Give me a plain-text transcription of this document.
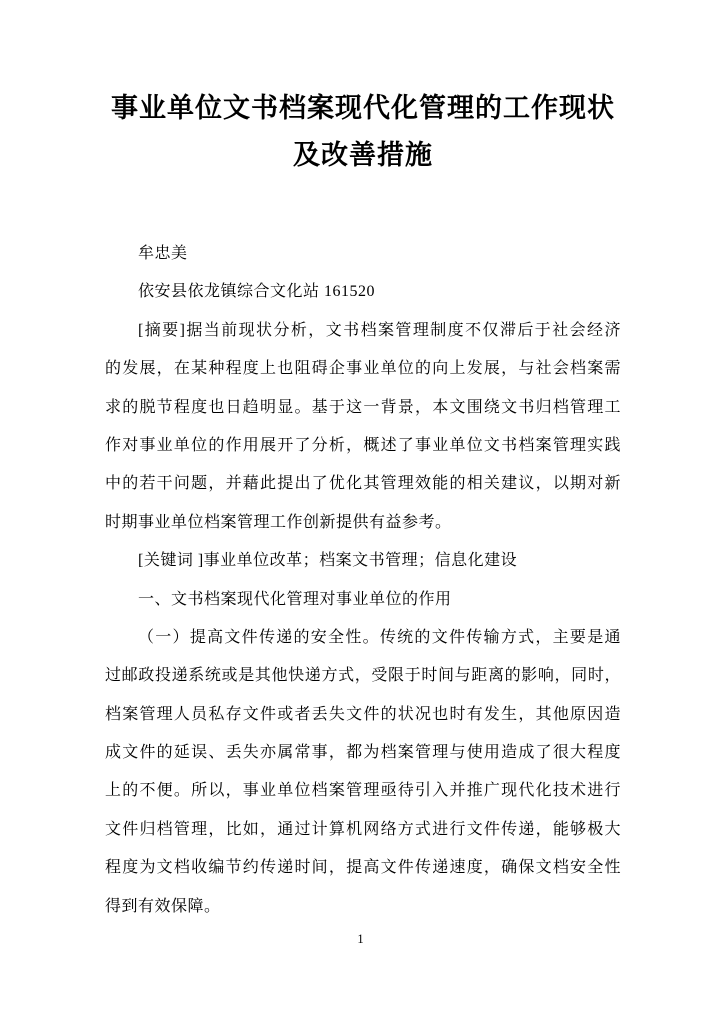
事业单位文书档案现代化管理的工作现状
及改善措施
牟忠美
依安县依龙镇综合文化站 161520
[摘要]据当前现状分析，文书档案管理制度不仅滞后于社会经济
的发展，在某种程度上也阻碍企事业单位的向上发展，与社会档案需
求的脱节程度也日趋明显。基于这一背景，本文围绕文书归档管理工
作对事业单位的作用展开了分析，概述了事业单位文书档案管理实践
中的若干问题，并藉此提出了优化其管理效能的相关建议，以期对新
时期事业单位档案管理工作创新提供有益参考。
[关键词 ]事业单位改革；档案文书管理；信息化建设
一、文书档案现代化管理对事业单位的作用
（一）提高文件传递的安全性。传统的文件传输方式，主要是通
过邮政投递系统或是其他快递方式，受限于时间与距离的影响，同时，
档案管理人员私存文件或者丢失文件的状况也时有发生，其他原因造
成文件的延误、丢失亦属常事，都为档案管理与使用造成了很大程度
上的不便。所以，事业单位档案管理亟待引入并推广现代化技术进行
文件归档管理，比如，通过计算机网络方式进行文件传递，能够极大
程度为文档收编节约传递时间，提高文件传递速度，确保文档安全性
得到有效保障。
1
